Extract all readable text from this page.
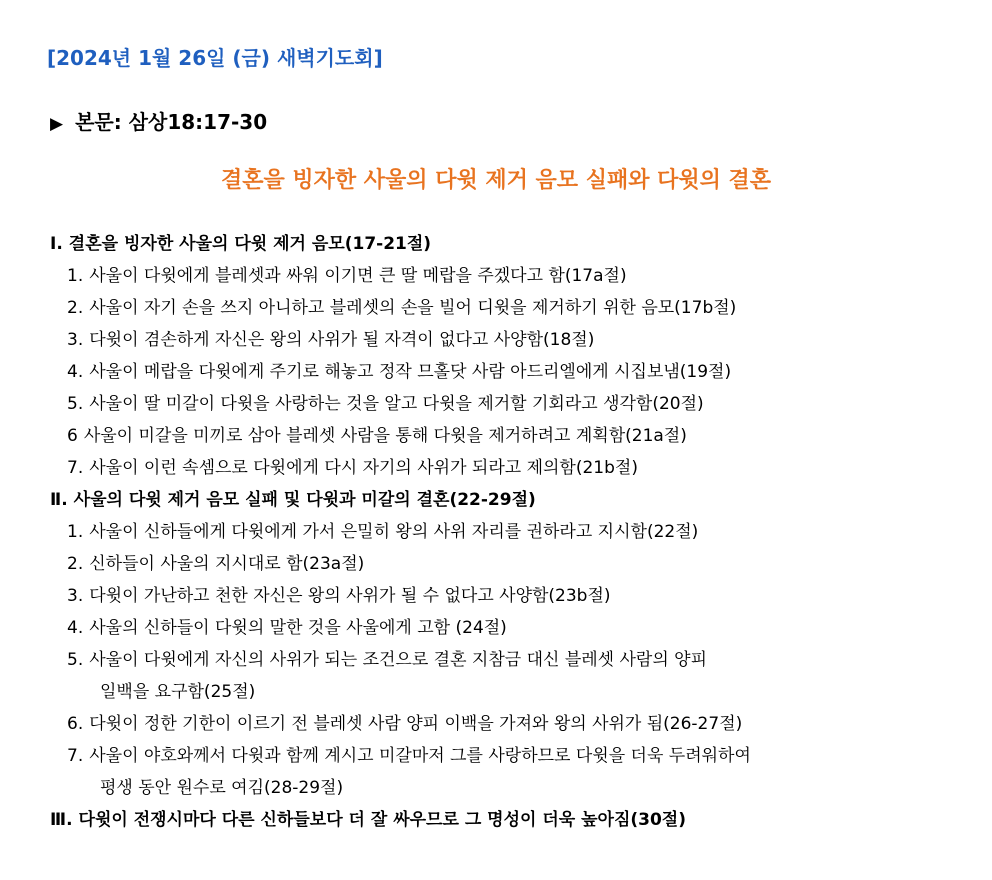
[2024년 1월 26일 (금) 새벽기도회]
▶ 본문: 삼상18:17-30
결혼을 빙자한 사울의 다윗 제거 음모 실패와 다윗의 결혼
Ⅰ. 결혼을 빙자한 사울의 다윗 제거 음모(17-21절)
1. 사울이 다윗에게 블레셋과 싸워 이기면 큰 딸 메랍을 주겠다고 함(17a절)
2. 사울이 자기 손을 쓰지 아니하고 블레셋의 손을 빌어 디윗을 제거하기 위한 음모(17b절)
3. 다윗이 겸손하게 자신은 왕의 사위가 될 자격이 없다고 사양함(18절)
4. 사울이 메랍을 다윗에게 주기로 해놓고 정작 므홀닷 사람 아드리엘에게 시집보냄(19절)
5. 사울이 딸 미갈이 다윗을 사랑하는 것을 알고 다윗을 제거할 기회라고 생각함(20절)
6 사울이 미갈을 미끼로 삼아 블레셋 사람을 통해 다윗을 제거하려고 계획함(21a절)
7. 사울이 이런 속셈으로 다윗에게 다시 자기의 사위가 되라고 제의함(21b절)
Ⅱ. 사울의 다윗 제거 음모 실패 및 다윗과 미갈의 결혼(22-29절)
1. 사울이 신하들에게 다윗에게 가서 은밀히 왕의 사위 자리를 권하라고 지시함(22절)
2. 신하들이 사울의 지시대로 함(23a절)
3. 다윗이 가난하고 천한 자신은 왕의 사위가 될 수 없다고 사양함(23b절)
4. 사울의 신하들이 다윗의 말한 것을 사울에게 고함 (24절)
5. 사울이 다윗에게 자신의 사위가 되는 조건으로 결혼 지참금 대신 블레셋 사람의 양피
일백을 요구함(25절)
6. 다윗이 정한 기한이 이르기 전 블레셋 사람 양피 이백을 가져와 왕의 사위가 됨(26-27절)
7. 사울이 야호와께서 다윗과 함께 계시고 미갈마저 그를 사랑하므로 다윗을 더욱 두려워하여
평생 동안 원수로 여김(28-29절)
Ⅲ. 다윗이 전쟁시마다 다른 신하들보다 더 잘 싸우므로 그 명성이 더욱 높아짐(30절)
